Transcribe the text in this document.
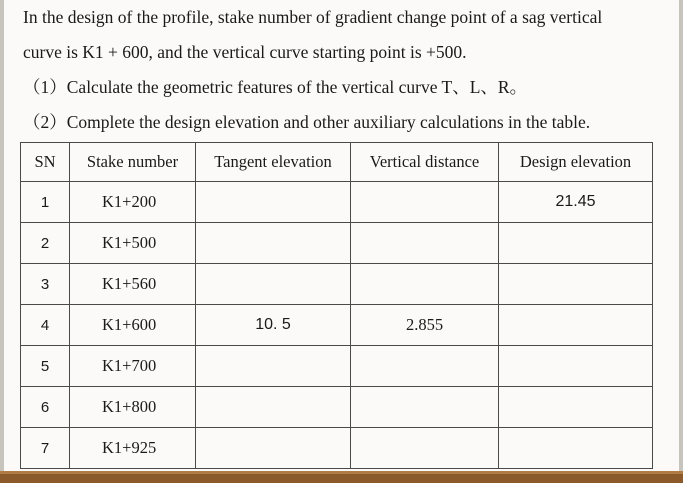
In the design of the profile, stake number of gradient change point of a sag vertical
curve is K1 + 600, and the vertical curve starting point is +500.
（1）Calculate the geometric features of the vertical curve T、L、R。
（2）Complete the design elevation and other auxiliary calculations in the table.
SN	Stake number	Tangent elevation	Vertical distance	Design elevation
1	K1+200			21.45
2	K1+500			
3	K1+560			
4	K1+600	10. 5	2.855	
5	K1+700			
6	K1+800			
7	K1+925			
